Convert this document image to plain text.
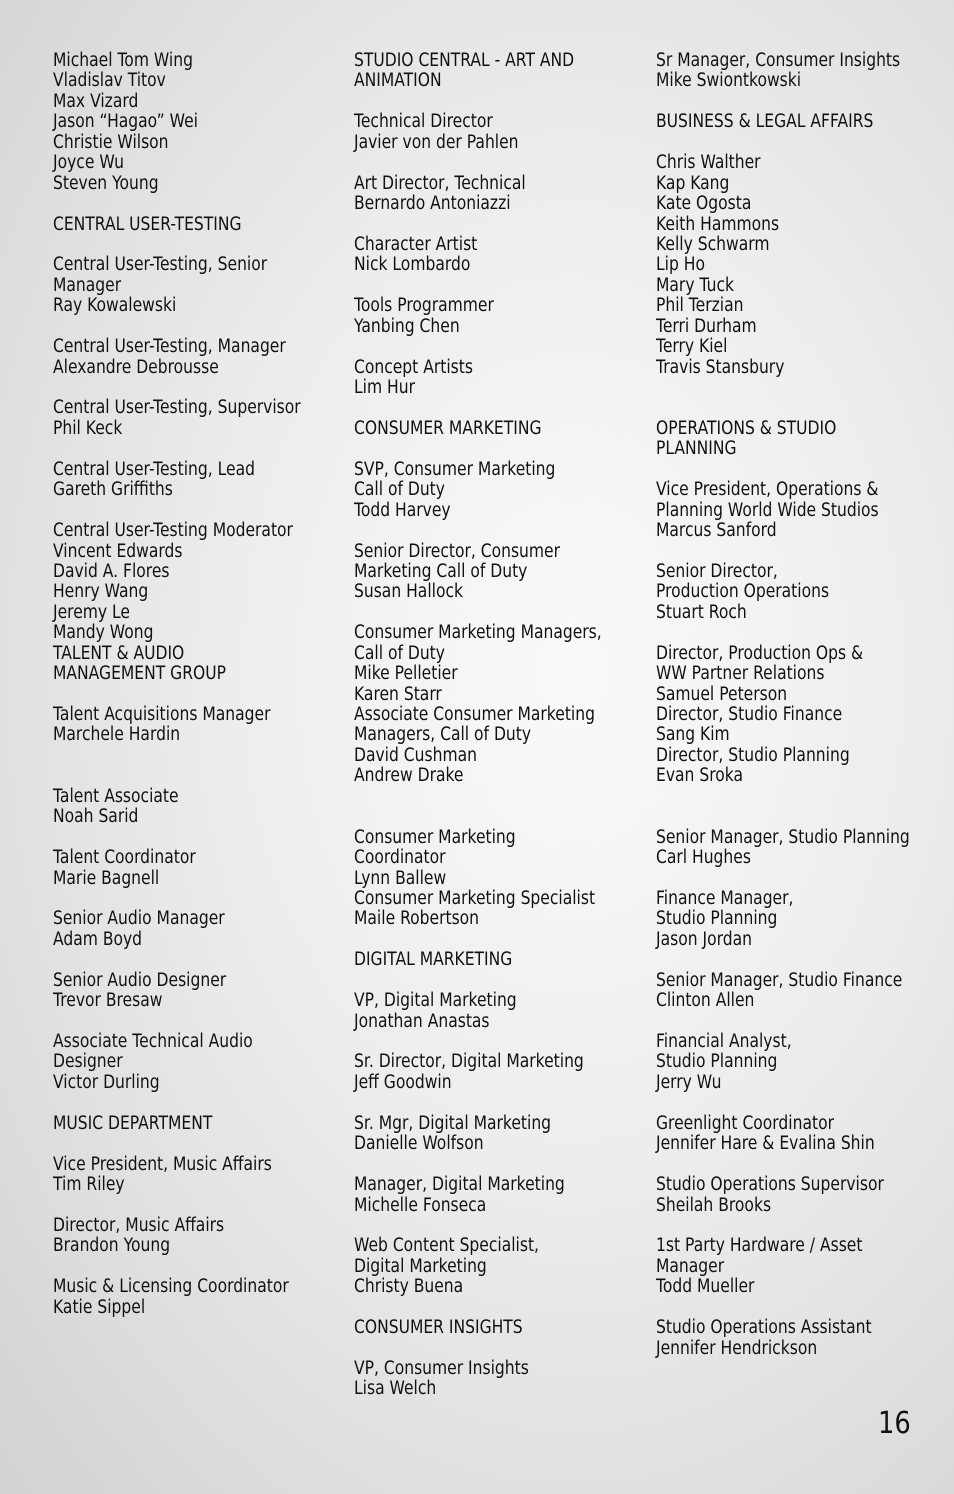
Michael Tom Wing
Vladislav Titov
Max Vizard
Jason “Hagao” Wei
Christie Wilson
Joyce Wu
Steven Young
CENTRAL USER-TESTING
Central User-Testing, Senior
Manager
Ray Kowalewski
Central User-Testing, Manager
Alexandre Debrousse
Central User-Testing, Supervisor
Phil Keck
Central User-Testing, Lead
Gareth Griffiths
Central User-Testing Moderator
Vincent Edwards
David A. Flores
Henry Wang
Jeremy Le
Mandy Wong
TALENT & AUDIO
MANAGEMENT GROUP
Talent Acquisitions Manager
Marchele Hardin
Talent Associate
Noah Sarid
Talent Coordinator
Marie Bagnell
Senior Audio Manager
Adam Boyd
Senior Audio Designer
Trevor Bresaw
Associate Technical Audio
Designer
Victor Durling
MUSIC DEPARTMENT
Vice President, Music Affairs
Tim Riley
Director, Music Affairs
Brandon Young
Music & Licensing Coordinator
Katie Sippel
STUDIO CENTRAL - ART AND
ANIMATION
Technical Director
Javier von der Pahlen
Art Director, Technical
Bernardo Antoniazzi
Character Artist
Nick Lombardo
Tools Programmer
Yanbing Chen
Concept Artists
Lim Hur
CONSUMER MARKETING
SVP, Consumer Marketing
Call of Duty
Todd Harvey
Senior Director, Consumer
Marketing Call of Duty
Susan Hallock
Consumer Marketing Managers,
Call of Duty
Mike Pelletier
Karen Starr
Associate Consumer Marketing
Managers, Call of Duty
David Cushman
Andrew Drake
Consumer Marketing
Coordinator
Lynn Ballew
Consumer Marketing Specialist
Maile Robertson
DIGITAL MARKETING
VP, Digital Marketing
Jonathan Anastas
Sr. Director, Digital Marketing
Jeff Goodwin
Sr. Mgr, Digital Marketing
Danielle Wolfson
Manager, Digital Marketing
Michelle Fonseca
Web Content Specialist,
Digital Marketing
Christy Buena
CONSUMER INSIGHTS
VP, Consumer Insights
Lisa Welch
Sr Manager, Consumer Insights
Mike Swiontkowski
BUSINESS & LEGAL AFFAIRS
Chris Walther
Kap Kang
Kate Ogosta
Keith Hammons
Kelly Schwarm
Lip Ho
Mary Tuck
Phil Terzian
Terri Durham
Terry Kiel
Travis Stansbury
OPERATIONS & STUDIO
PLANNING
Vice President, Operations &
Planning World Wide Studios
Marcus Sanford
Senior Director,
Production Operations
Stuart Roch
Director, Production Ops &
WW Partner Relations
Samuel Peterson
Director, Studio Finance
Sang Kim
Director, Studio Planning
Evan Sroka
Senior Manager, Studio Planning
Carl Hughes
Finance Manager,
Studio Planning
Jason Jordan
Senior Manager, Studio Finance
Clinton Allen
Financial Analyst,
Studio Planning
Jerry Wu
Greenlight Coordinator
Jennifer Hare & Evalina Shin
Studio Operations Supervisor
Sheilah Brooks
1st Party Hardware / Asset
Manager
Todd Mueller
Studio Operations Assistant
Jennifer Hendrickson
16
